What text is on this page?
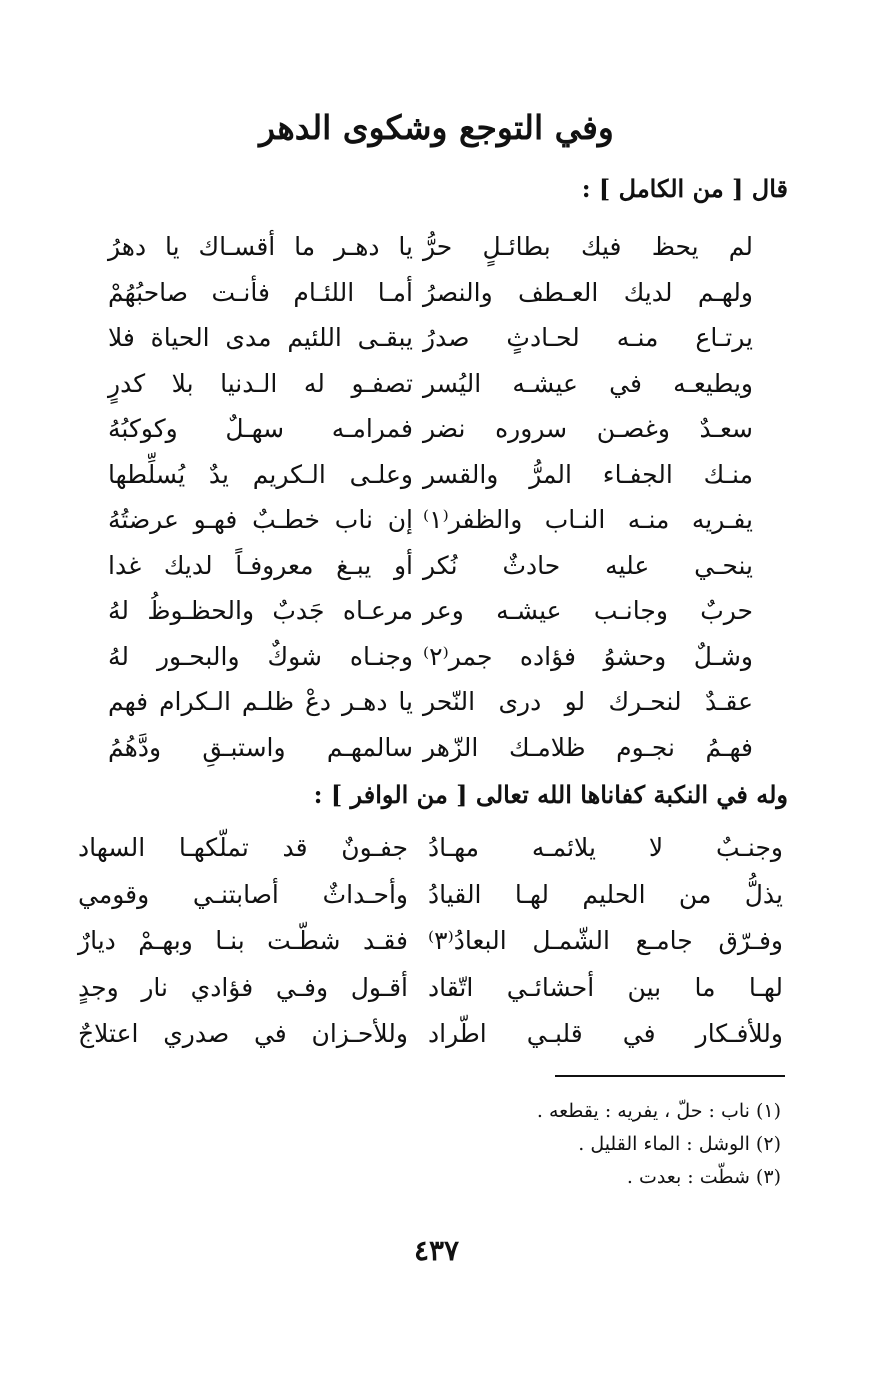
وفي التوجع وشكوى الدهر
قال [ من الكامل ] :
يا دهـر ما أقسـاك يا دهرُ لم يحظ فيك بطائـلٍ حرُّ
أمـا اللئـام فأنـت صاحبُهُمْ ولهـم لديك العـطف والنصرُ
يبقـى اللئيم مدى الحياة فلا يرتـاع منـه لحـادثٍ صدرُ
تصفـو له الـدنيا بلا كدرٍ ويطيعـه في عيشـه اليُسر
فمرامـه سهـلٌ وكوكبُهُ سعـدٌ وغصـن سروره نضر
وعلـى الـكريم يدٌ يُسلِّطها منـك الجفـاء المرُّ والقسر
إن ناب خطـبٌ فهـو عرضتُهُ يفـريه منـه النـاب والظفر⁽١⁾
أو يبـغ معروفـاً لديك غدا ينحـي عليه حادثٌ نُكر
مرعـاه جَدبٌ والحظـوظُ لهُ حربٌ وجانـب عيشـه وعر
وجنـاه شوكٌ والبحـور لهُ وشـلٌ وحشوُ فؤاده جمر⁽٢⁾
يا دهـر دعْ ظلـم الـكرام فهم عقـدٌ لنحـرك لو درى النّحر
سالمهـم واستبـقِ ودَّهُمُ فهـمُ نجـوم ظلامـك الزّهر
وله في النكبة كفاناها الله تعالى [ من الوافر ] :
جفـونٌ قد تملّكهـا السهاد وجنـبٌ لا يلائمـه مهـادُ
وأحـداثٌ أصابتنـي وقومي يذلُّ من الحليم لهـا القيادُ
فقـد شطّـت بنـا وبهـمْ ديارٌ وفـرّق جامـع الشّمـل البعادُ⁽٣⁾
أقـول وفـي فؤادي نار وجدٍ لهـا ما بين أحشائـي اتّقاد
وللأحـزان في صدري اعتلاجٌ وللأفـكار في قلبـي اطّراد
(١) ناب : حلّ ، يفريه : يقطعه .
(٢) الوشل : الماء القليل .
(٣) شطّت : بعدت .
٤٣٧
